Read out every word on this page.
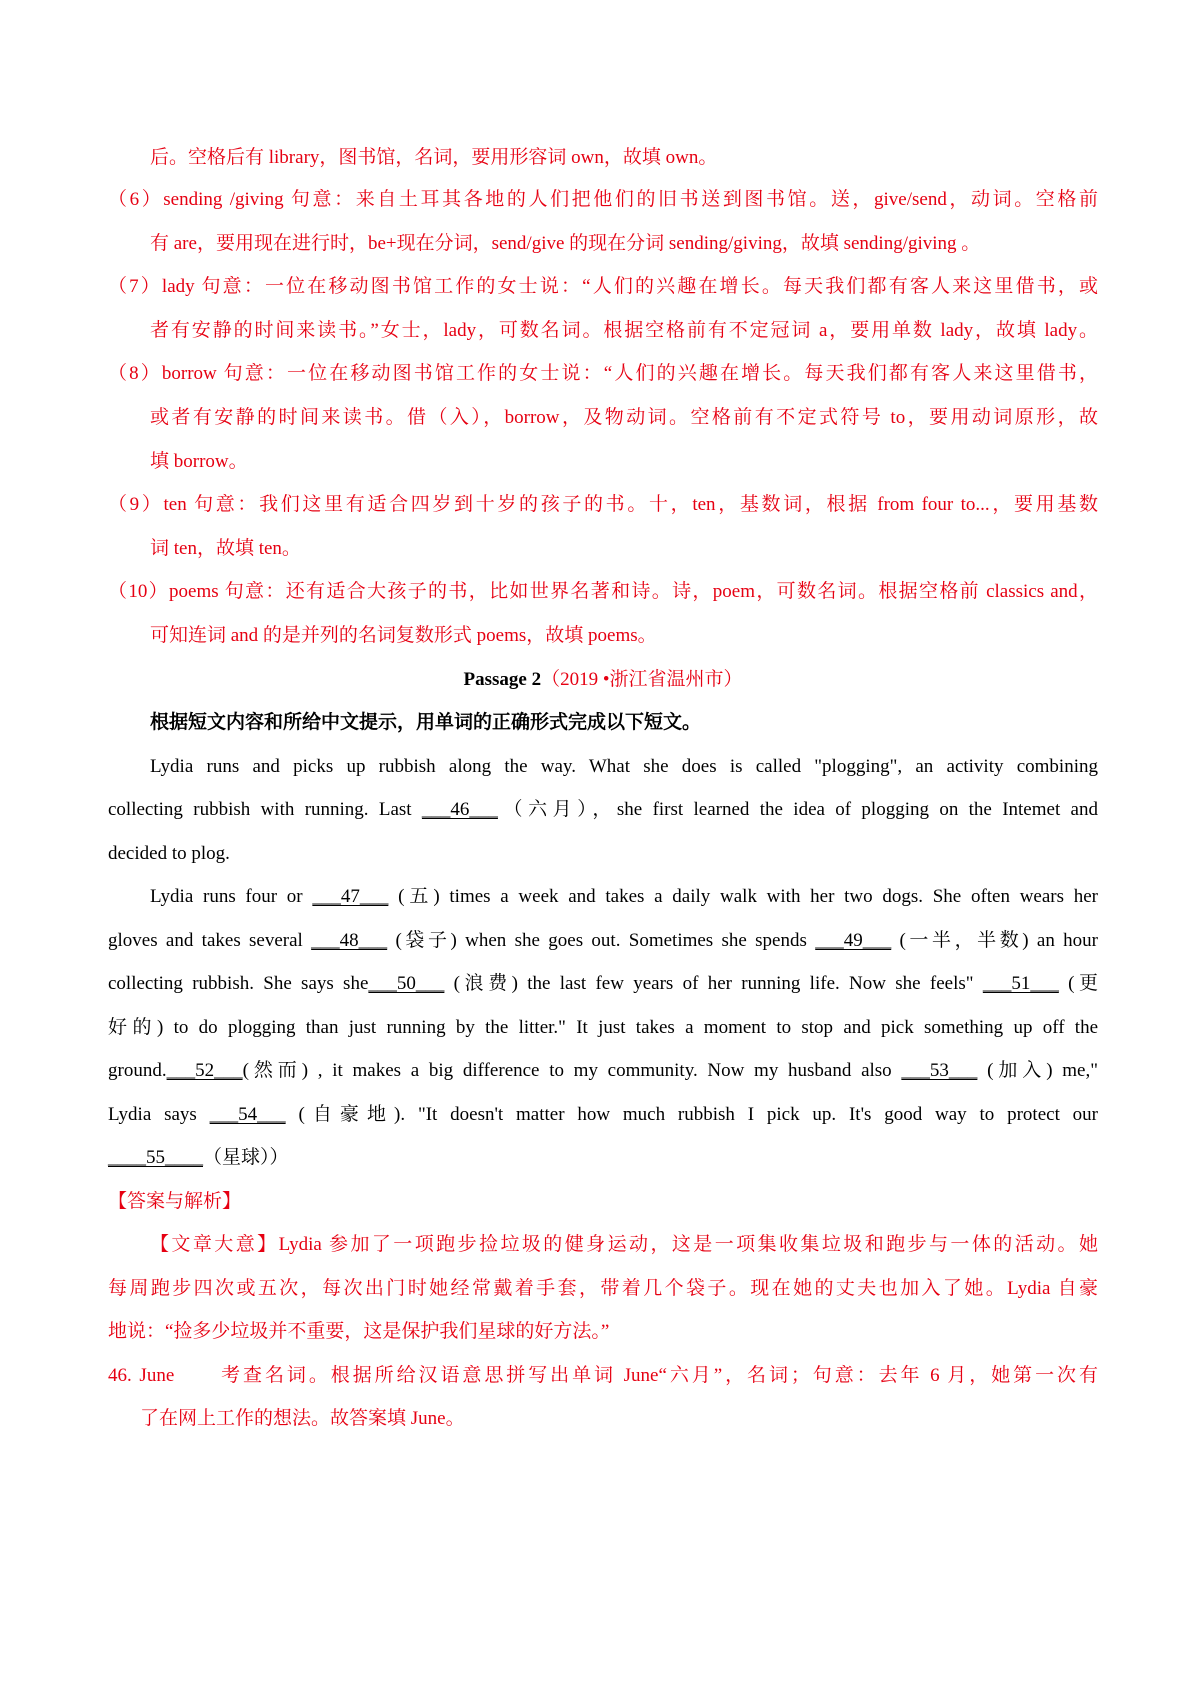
后。空格后有 library，图书馆，名词，要用形容词 own，故填 own。
（6）sending /giving 句意：来自土耳其各地的人们把他们的旧书送到图书馆。送，give/send，动词。空格前
有 are，要用现在进行时，be+现在分词，send/give 的现在分词 sending/giving，故填 sending/giving 。
（7）lady 句意：一位在移动图书馆工作的女士说：“人们的兴趣在增长。每天我们都有客人来这里借书，或
者有安静的时间来读书。”女士，lady，可数名词。根据空格前有不定冠词 a，要用单数 lady，故填 lady。
（8）borrow 句意：一位在移动图书馆工作的女士说：“人们的兴趣在增长。每天我们都有客人来这里借书，
或者有安静的时间来读书。借（入），borrow，及物动词。空格前有不定式符号 to，要用动词原形，故
填 borrow。
（9）ten 句意：我们这里有适合四岁到十岁的孩子的书。十，ten，基数词，根据 from four to...，要用基数
词 ten，故填 ten。
（10）poems 句意：还有适合大孩子的书，比如世界名著和诗。诗，poem，可数名词。根据空格前 classics and，
可知连词 and 的是并列的名词复数形式 poems，故填 poems。
Passage 2（2019 •浙江省温州市）
根据短文内容和所给中文提示，用单词的正确形式完成以下短文。
Lydia runs and picks up rubbish along the way. What she does is called "plogging", an activity combining
collecting rubbish with running. Last ___46___（六月），she first learned the idea of plogging on the Intemet and
decided to plog.
Lydia runs four or ___47___ (五) times a week and takes a daily walk with her two dogs. She often wears her
gloves and takes several ___48___ (袋子) when she goes out. Sometimes she spends ___49___ (一半，半数) an hour
collecting rubbish. She says she___50___ (浪费) the last few years of her running life. Now she feels" ___51___ (更
好的) to do plogging than just running by the litter." It just takes a moment to stop and pick something up off the
ground.___52___(然而) , it makes a big difference to my community. Now my husband also ___53___ (加入) me,"
Lydia says ___54___ (自豪地). "It doesn't matter how much rubbish I pick up. It's good way to protect our
____55____（星球））
【答案与解析】
【文章大意】Lydia 参加了一项跑步捡垃圾的健身运动，这是一项集收集垃圾和跑步与一体的活动。她
每周跑步四次或五次，每次出门时她经常戴着手套，带着几个袋子。现在她的丈夫也加入了她。Lydia 自豪
地说：“捡多少垃圾并不重要，这是保护我们星球的好方法。”
46. June　　考查名词。根据所给汉语意思拼写出单词 June“六月”，名词；句意：去年 6 月，她第一次有
了在网上工作的想法。故答案填 June。
